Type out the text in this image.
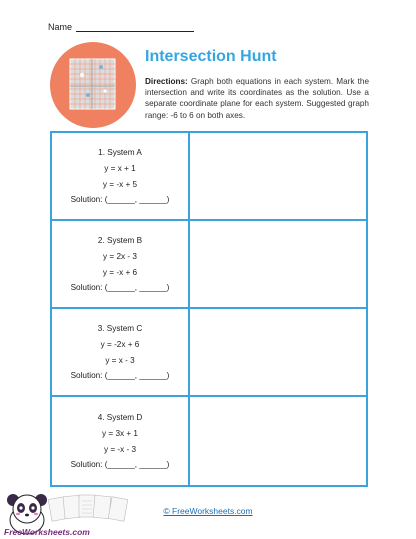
Name
Intersection Hunt
Directions: Graph both equations in each system. Mark the intersection and write its coordinates as the solution. Use a separate coordinate plane for each system. Suggested graph range: -6 to 6 on both axes.
1. System A
y = x + 1
y = -x + 5
Solution: (______, ______)
2. System B
y = 2x - 3
y = -x + 6
Solution: (______, ______)
3. System C
y = -2x + 6
y = x - 3
Solution: (______, ______)
4. System D
y = 3x + 1
y = -x - 3
Solution: (______, ______)
FreeWorksheets.com
© FreeWorksheets.com
